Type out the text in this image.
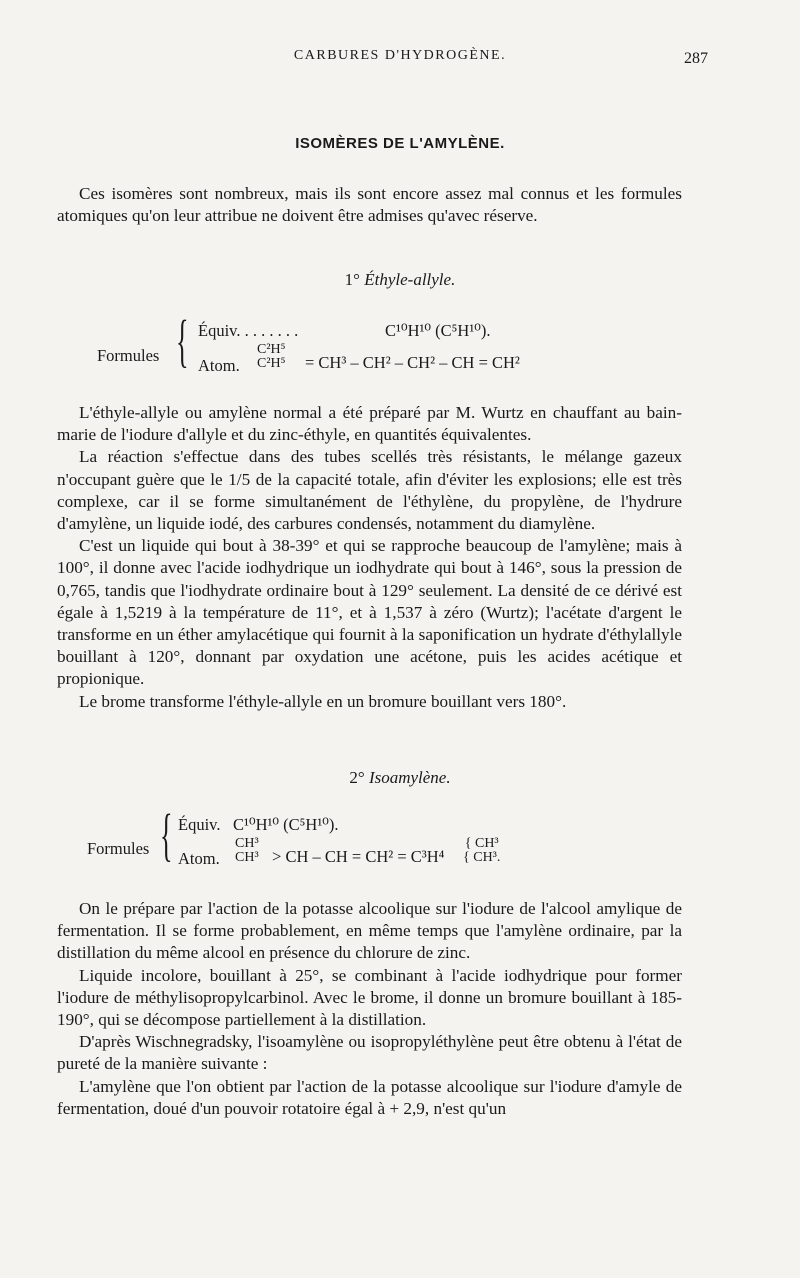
CARBURES D'HYDROGÈNE.	287
ISOMÈRES DE L'AMYLÈNE.

Ces isomères sont nombreux, mais ils sont encore assez mal connus et les formules atomiques qu'on leur attribue ne doivent être admises qu'avec réserve.

1° Éthyle-allyle.
Formules { Équiv. . . . . . . .	C¹⁰H¹⁰ (C⁵H¹⁰).
Atom.
C²H⁵
C²H⁵ = CH³ – CH² – CH² – CH = CH²

L'éthyle-allyle ou amylène normal a été préparé par M. Wurtz en chauffant au bain-marie de l'iodure d'allyle et du zinc-éthyle, en quantités équivalentes.

La réaction s'effectue dans des tubes scellés très résistants, le mélange gazeux n'occupant guère que le 1/5 de la capacité totale, afin d'éviter les explosions; elle est très complexe, car il se forme simultanément de l'éthylène, du propylène, de l'hydrure d'amylène, un liquide iodé, des carbures condensés, notamment du diamylène.

C'est un liquide qui bout à 38-39° et qui se rapproche beaucoup de l'amylène; mais à 100°, il donne avec l'acide iodhydrique un iodhydrate qui bout à 146°, sous la pression de 0,765, tandis que l'iodhydrate ordinaire bout à 129° seulement. La densité de ce dérivé est égale à 1,5219 à la température de 11°, et à 1,537 à zéro (Wurtz); l'acétate d'argent le transforme en un éther amylacétique qui fournit à la saponification un hydrate d'éthylallyle bouillant à 120°, donnant par oxydation une acétone, puis les acides acétique et propionique.

Le brome transforme l'éthyle-allyle en un bromure bouillant vers 180°.

2° Isoamylène.
Formules { Équiv. C¹⁰H¹⁰ (C⁵H¹⁰).
Atom.
CH³
CH³ > CH – CH = CH² = C³H⁴
{ CH³
{ CH³.

On le prépare par l'action de la potasse alcoolique sur l'iodure de l'alcool amylique de fermentation. Il se forme probablement, en même temps que l'amylène ordinaire, par la distillation du même alcool en présence du chlorure de zinc.

Liquide incolore, bouillant à 25°, se combinant à l'acide iodhydrique pour former l'iodure de méthylisopropylcarbinol. Avec le brome, il donne un bromure bouillant à 185-190°, qui se décompose partiellement à la distillation.

D'après Wischnegradsky, l'isoamylène ou isopropyléthylène peut être obtenu à l'état de pureté de la manière suivante :

L'amylène que l'on obtient par l'action de la potasse alcoolique sur l'iodure d'amyle de fermentation, doué d'un pouvoir rotatoire égal à + 2,9, n'est qu'un
